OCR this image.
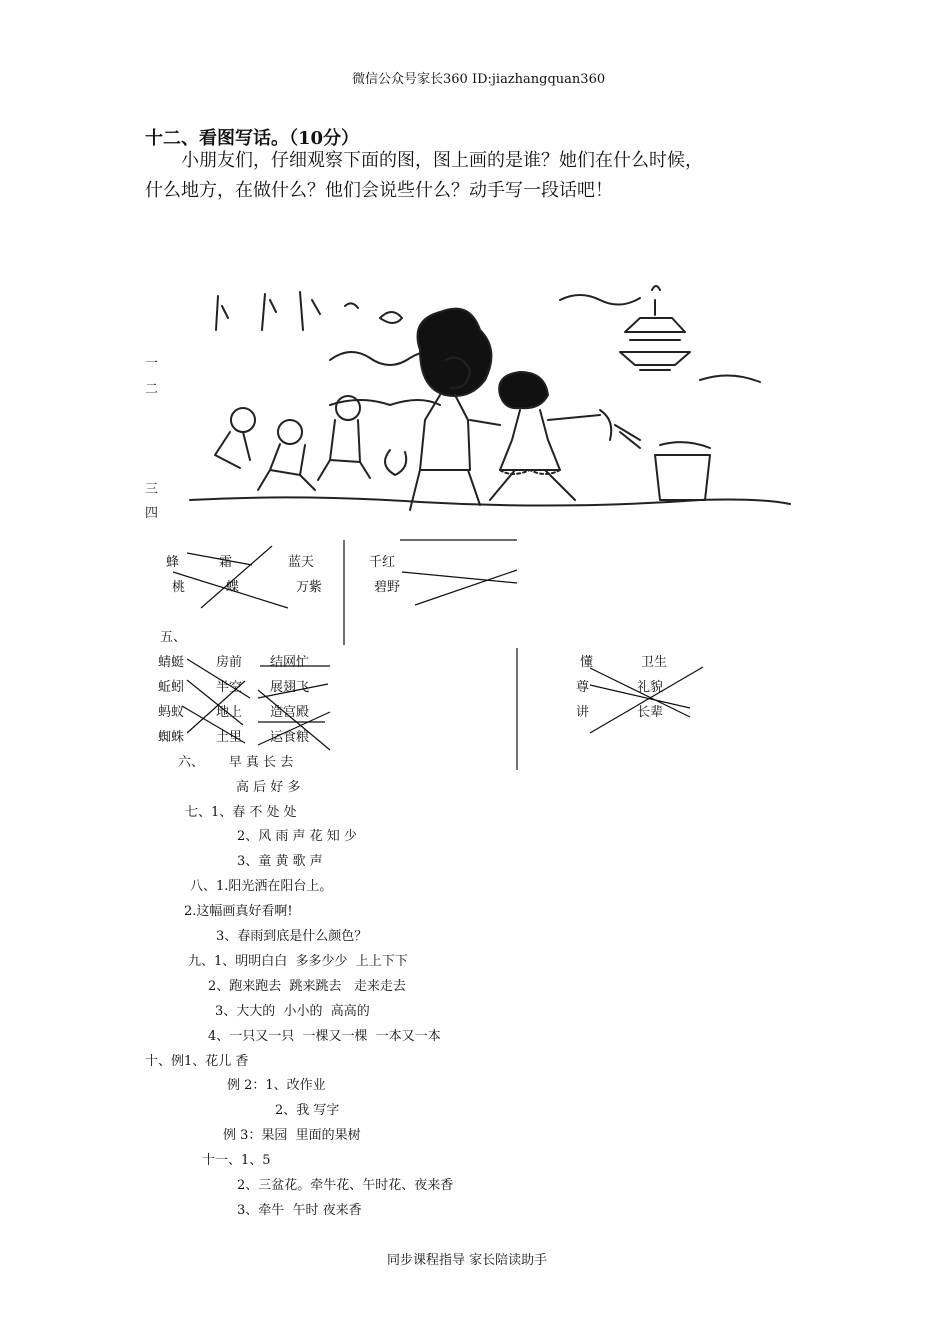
微信公众号家长360 ID:jiazhangquan360
十二、看图写话。（10分）
小朋友们，仔细观察下面的图，图上画的是谁？她们在什么时候，
什么地方，在做什么？他们会说些什么？动手写一段话吧！
一
二
三
四
蜂
桃
霜
蝶
蓝天
万紫
千红
碧野
五、
蜻蜓
蚯蚓
蚂蚁
蜘蛛
房前
半空
地上
土里
结网忙
展翅飞
造宫殿
运食粮
懂
尊
讲
卫生
礼貌
长辈
六、      早 真 长 去
高 后 好 多
七、1、春 不 处 处
2、风 雨 声 花 知 少
3、童 黄 歌 声
八、1.阳光洒在阳台上。
2.这幅画真好看啊!
3、春雨到底是什么颜色？
九、1、明明白白  多多少少  上上下下
2、跑来跑去  跳来跳去   走来走去
3、大大的  小小的  高高的
4、一只又一只  一棵又一棵  一本又一本
十、例1、花儿 香
例 2：1、改作业
2、我 写字
例 3：果园  里面的果树
十一、1、5
2、三盆花。牵牛花、午时花、夜来香
3、牵牛  午时 夜来香
同步课程指导 家长陪读助手
